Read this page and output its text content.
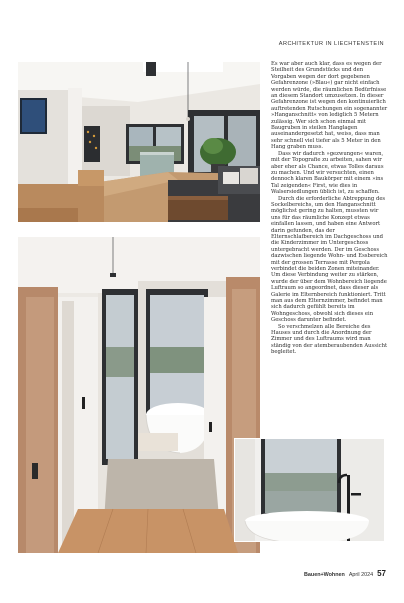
ARCHITEKTUR IN LIECHTENSTEIN

Es war aber auch klar, dass es wegen der Steilheit des Grundstücks und den Vorgaben wegen der dort gegebenen Gefahrenzone (»Blau«) gar nicht einfach werden würde, die räumlichen Bedürfnisse an diesem Standort umzusetzen. In dieser Gefahrenzone ist wegen den kontinuierlich auftretenden Rutschungen ein sogenannter »Hanganschnitt« von lediglich 5 Metern zulässig. Wer sich schon einmal mit Baugruben in steilen Hanglagen auseinandergesetzt hat, weiss, dass man sehr schnell viel tiefer als 5 Meter in den Hang graben muss.

Dass wir dadurch »gezwungen« waren, mit der Topografie zu arbeiten, sahen wir aber eher als Chance, etwas Tolles daraus zu machen. Und wir versuchten, einen dennoch klaren Baukörper mit einem »ins Tal zeigenden« First, wie dies in Walsersiedlungen üblich ist, zu schaffen.

Durch die erforderliche Abtreppung des Sockelbereichs, um den Hanganschnitt möglichst gering zu halten, mussten wir uns für das räumliche Konzept etwas einfallen lassen, und haben eine Antwort darin gefunden, das der Elternschlafbereich im Dachgeschoss und die Kinderzimmer im Untergeschoss untergebracht werden. Der im Geschoss dazwischen liegende Wohn- und Essbereich mit der grossen Terrasse mit Pergola verbindet die beiden Zonen miteinander. Um diese Verbindung weiter zu stärken, wurde der über dem Wohnbereich liegende Luftraum so angeordnet, dass dieser als Galerie im Elternbereich funktioniert. Tritt man aus dem Elternzimmer, befindet man sich dadurch gefühlt bereits im Wohngeschoss, obwohl sich dieses ein Geschoss darunter befindet.

So verschmelzen alle Bereiche des Hauses und durch die Anordnung der Zimmer und des Luftraums wird man ständig von der atemberaubenden Aussicht begleitet.

Bauen+Wohnen April 2024 57
